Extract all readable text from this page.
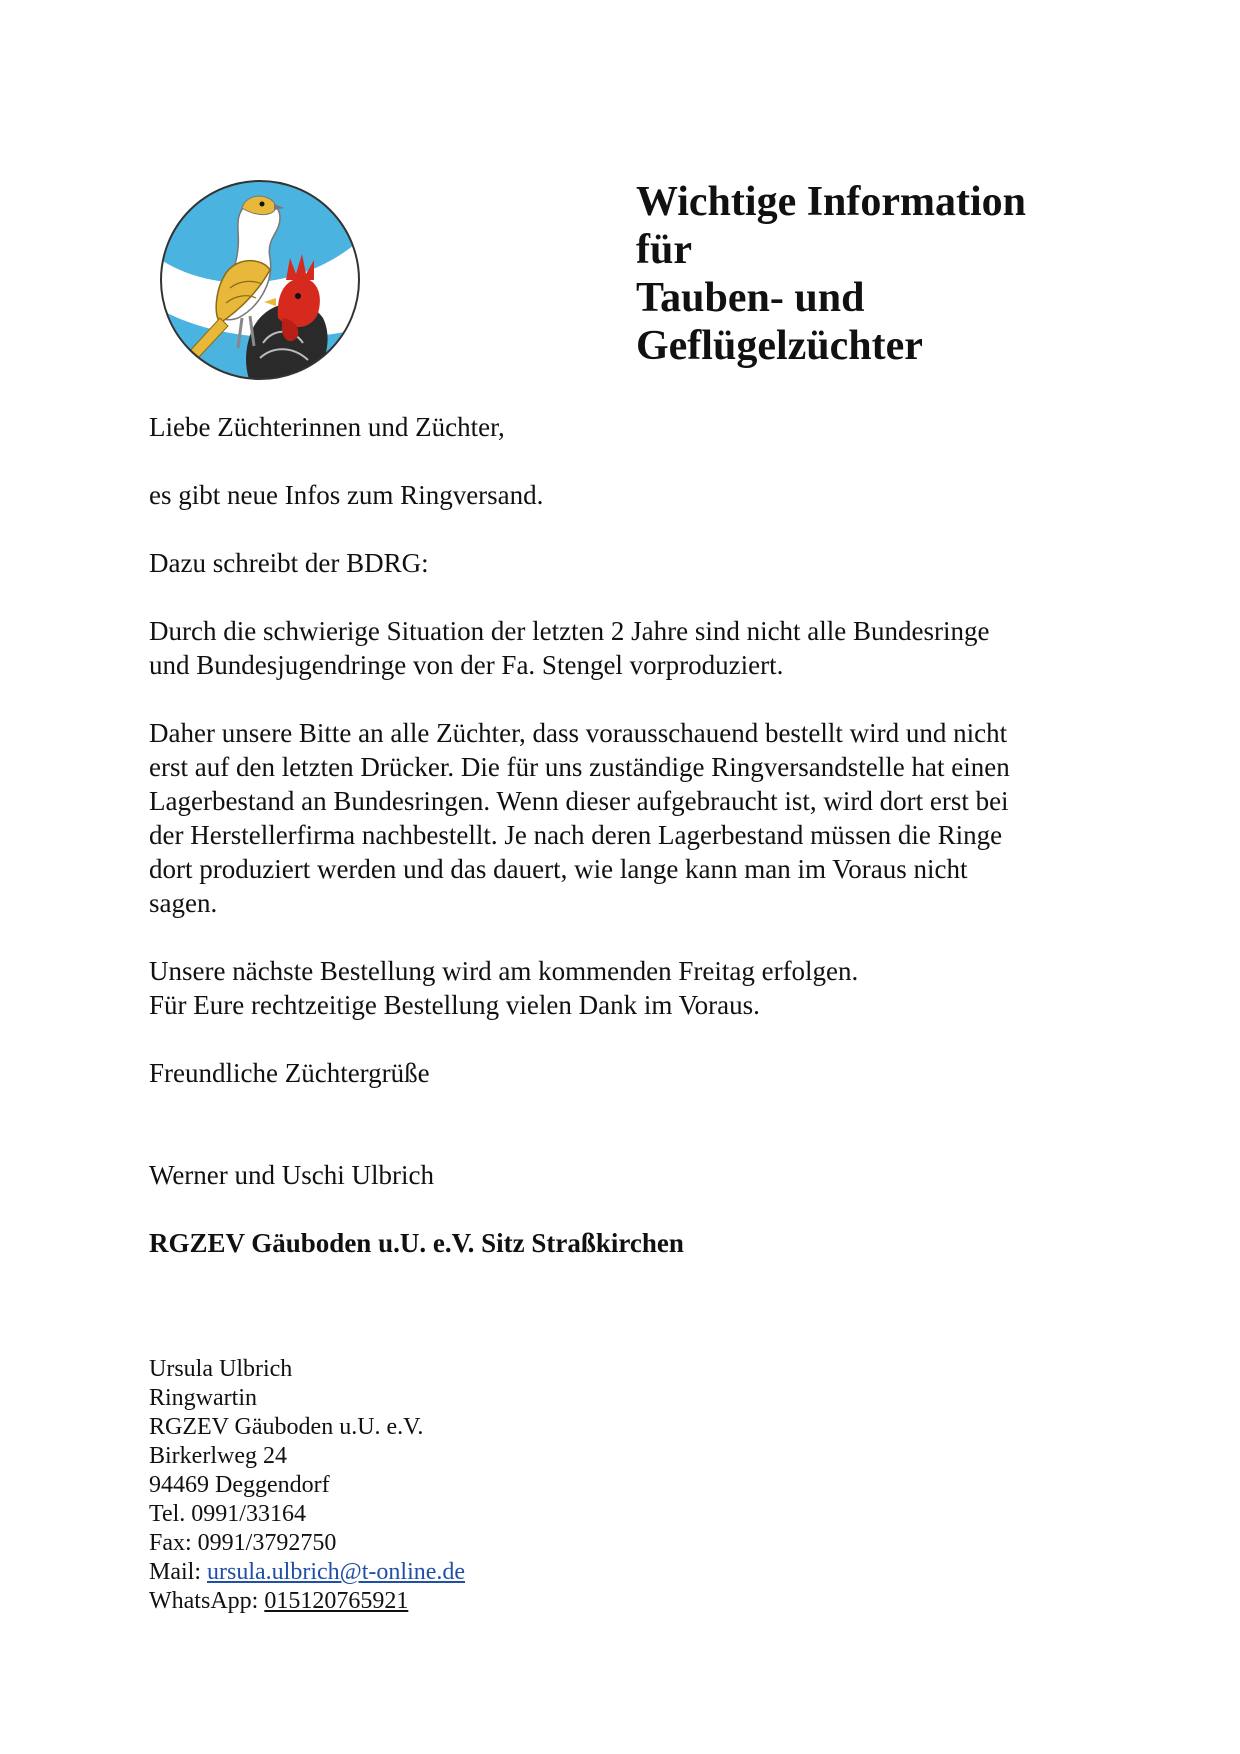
Wichtige Information
für
Tauben- und
Geflügelzüchter

Liebe Züchterinnen und Züchter,

es gibt neue Infos zum Ringversand.

Dazu schreibt der BDRG:

Durch die schwierige Situation der letzten 2 Jahre sind nicht alle Bundesringe
und Bundesjugendringe von der Fa. Stengel vorproduziert.

Daher unsere Bitte an alle Züchter, dass vorausschauend bestellt wird und nicht
erst auf den letzten Drücker. Die für uns zuständige Ringversandstelle hat einen
Lagerbestand an Bundesringen. Wenn dieser aufgebraucht ist, wird dort erst bei
der Herstellerfirma nachbestellt. Je nach deren Lagerbestand müssen die Ringe
dort produziert werden und das dauert, wie lange kann man im Voraus nicht
sagen.

Unsere nächste Bestellung wird am kommenden Freitag erfolgen.
Für Eure rechtzeitige Bestellung vielen Dank im Voraus.

Freundliche Züchtergrüße

Werner und Uschi Ulbrich

RGZEV Gäuboden u.U. e.V. Sitz Straßkirchen

Ursula Ulbrich
Ringwartin
RGZEV Gäuboden u.U. e.V.
Birkerlweg 24
94469 Deggendorf
Tel. 0991/33164
Fax: 0991/3792750
Mail: ursula.ulbrich@t-online.de
WhatsApp: 015120765921
